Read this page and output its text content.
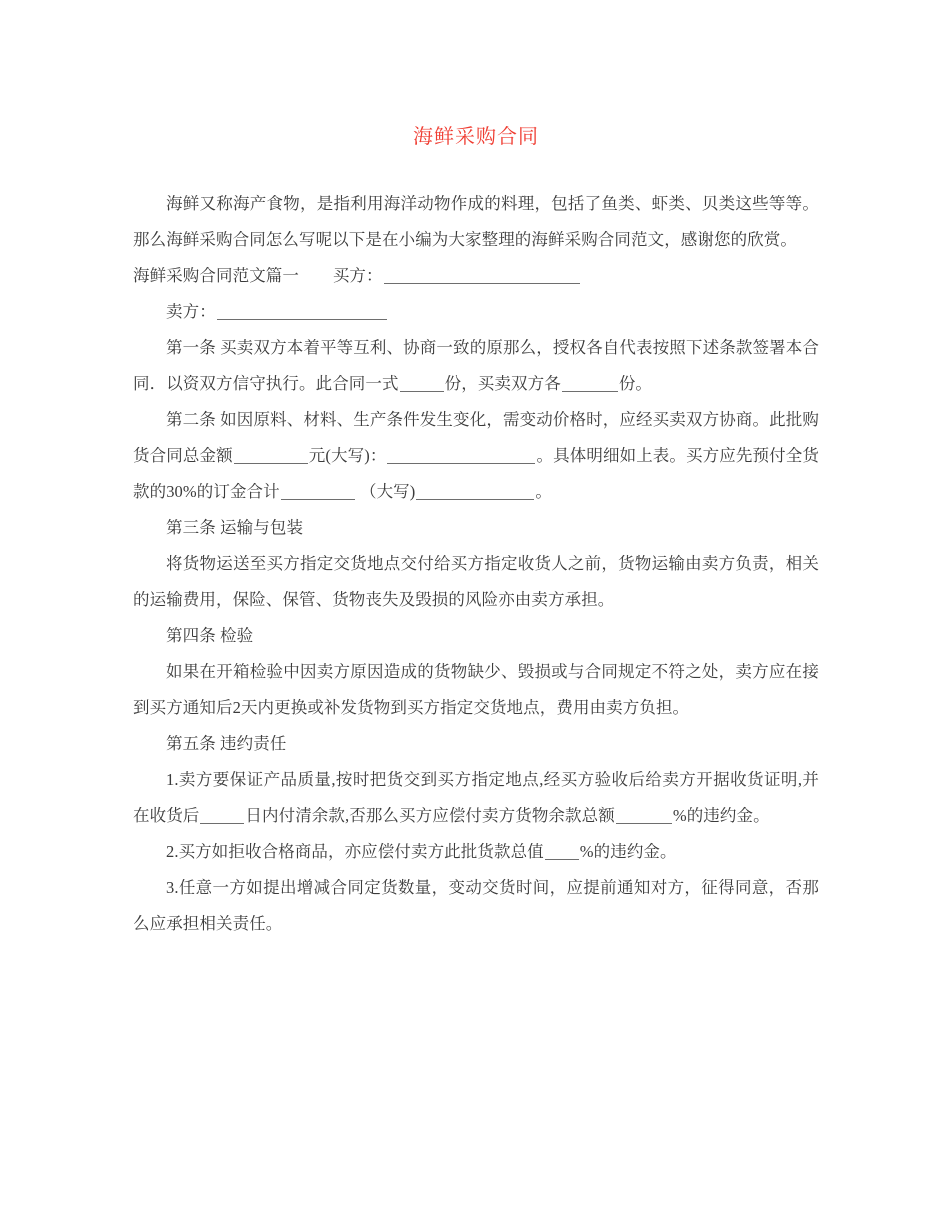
海鲜采购合同

海鲜又称海产食物，是指利用海洋动物作成的料理，包括了鱼类、虾类、贝类这些等等。那么海鲜采购合同怎么写呢以下是在小编为大家整理的海鲜采购合同范文，感谢您的欣赏。

海鲜采购合同范文篇一 买方：

卖方：

第一条 买卖双方本着平等互利、协商一致的原那么，授权各自代表按照下述条款签署本合同．以资双方信守执行。此合同一式	份，买卖双方各	份。

第二条 如因原料、材料、生产条件发生变化，需变动价格时，应经买卖双方协商。此批购货合同总金额	元(大写)：	。具体明细如上表。买方应先预付全货款的30%的订金合计	（大写)	。

第三条 运输与包装

将货物运送至买方指定交货地点交付给买方指定收货人之前，货物运输由卖方负责，相关的运输费用，保险、保管、货物丧失及毁损的风险亦由卖方承担。

第四条 检验

如果在开箱检验中因卖方原因造成的货物缺少、毁损或与合同规定不符之处，卖方应在接到买方通知后2天内更换或补发货物到买方指定交货地点，费用由卖方负担。

第五条 违约责任

1.卖方要保证产品质量,按时把货交到买方指定地点,经买方验收后给卖方开据收货证明,并在收货后	日内付清余款,否那么买方应偿付卖方货物余款总额	%的违约金。

2.买方如拒收合格商品，亦应偿付卖方此批货款总值 %的违约金。

3.任意一方如提出增减合同定货数量，变动交货时间，应提前通知对方，征得同意，否那么应承担相关责任。
